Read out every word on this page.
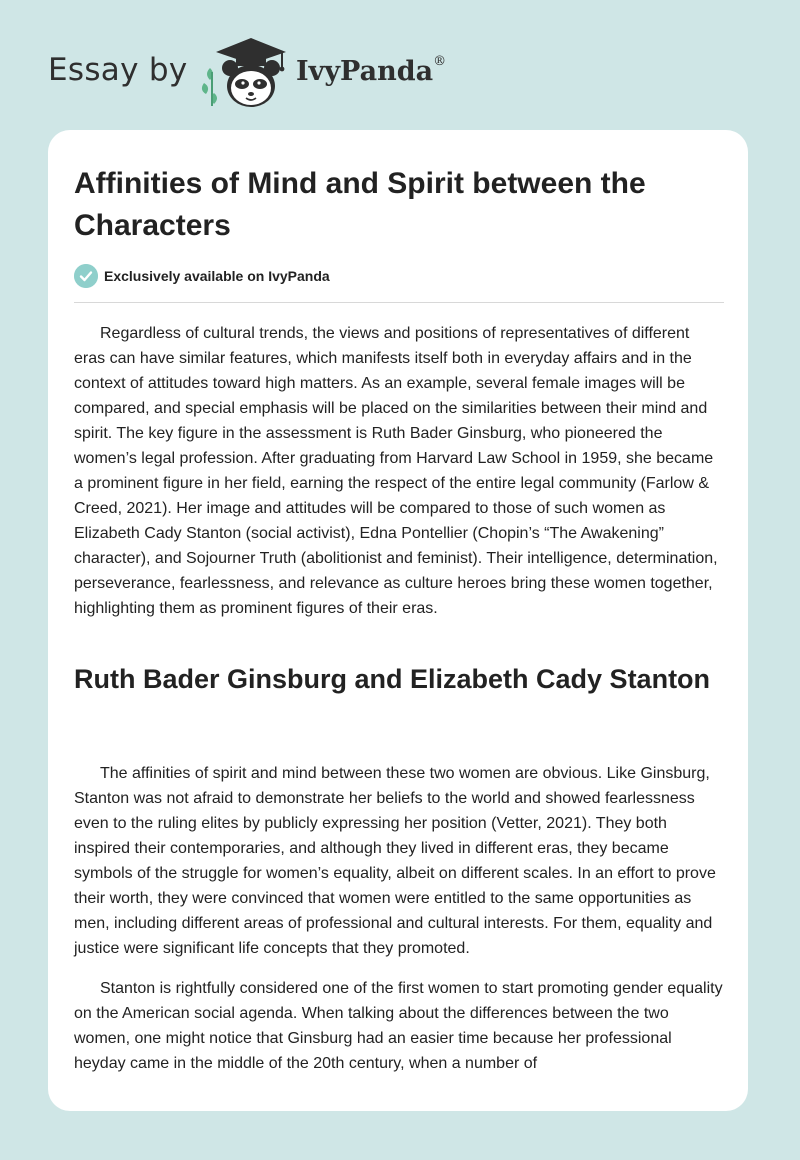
Essay by	IvyPanda®
Affinities of Mind and Spirit between the Characters
Exclusively available on IvyPanda

Regardless of cultural trends, the views and positions of representatives of different eras can have similar features, which manifests itself both in everyday affairs and in the context of attitudes toward high matters. As an example, several female images will be compared, and special emphasis will be placed on the similarities between their mind and spirit. The key figure in the assessment is Ruth Bader Ginsburg, who pioneered the women’s legal profession. After graduating from Harvard Law School in 1959, she became a prominent figure in her field, earning the respect of the entire legal community (Farlow & Creed, 2021). Her image and attitudes will be compared to those of such women as Elizabeth Cady Stanton (social activist), Edna Pontellier (Chopin’s “The Awakening” character), and Sojourner Truth (abolitionist and feminist). Their intelligence, determination, perseverance, fearlessness, and relevance as culture heroes bring these women together, highlighting them as prominent figures of their eras.

Ruth Bader Ginsburg and Elizabeth Cady Stanton

The affinities of spirit and mind between these two women are obvious. Like Ginsburg, Stanton was not afraid to demonstrate her beliefs to the world and showed fearlessness even to the ruling elites by publicly expressing her position (Vetter, 2021). They both inspired their contemporaries, and although they lived in different eras, they became symbols of the struggle for women’s equality, albeit on different scales. In an effort to prove their worth, they were convinced that women were entitled to the same opportunities as men, including different areas of professional and cultural interests. For them, equality and justice were significant life concepts that they promoted.

Stanton is rightfully considered one of the first women to start promoting gender equality on the American social agenda. When talking about the differences between the two women, one might notice that Ginsburg had an easier time because her professional heyday came in the middle of the 20th century, when a number of
